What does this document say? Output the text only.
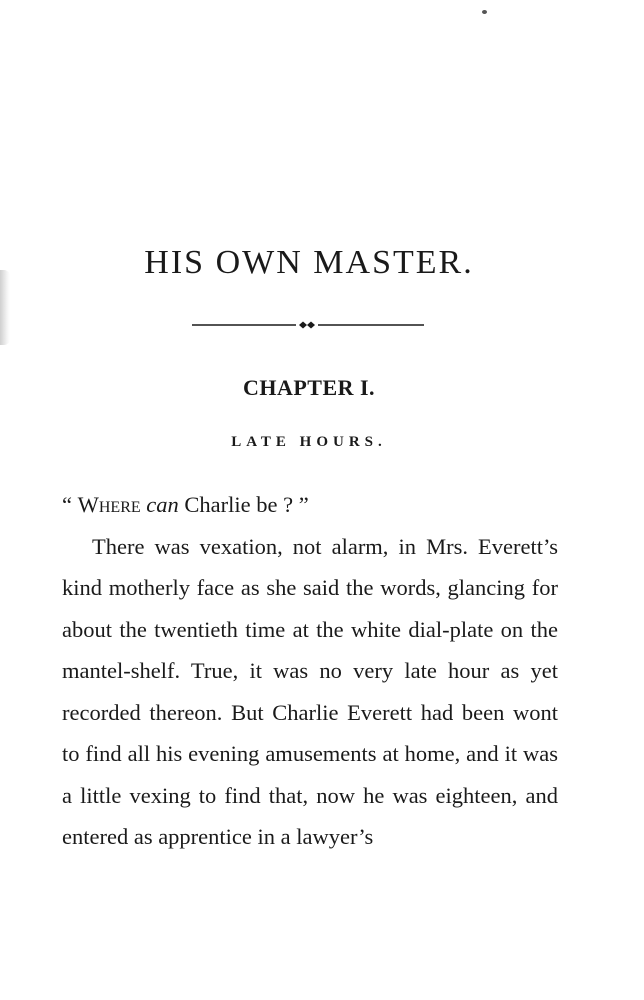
HIS OWN MASTER.
CHAPTER I.
LATE HOURS.

“ Where can Charlie be ? ”

There was vexation, not alarm, in Mrs. Everett’s kind motherly face as she said the words, glancing for about the twentieth time at the white dial-plate on the mantel-shelf. True, it was no very late hour as yet recorded thereon. But Charlie Everett had been wont to find all his evening amusements at home, and it was a little vexing to find that, now he was eighteen, and entered as apprentice in a lawyer’s
